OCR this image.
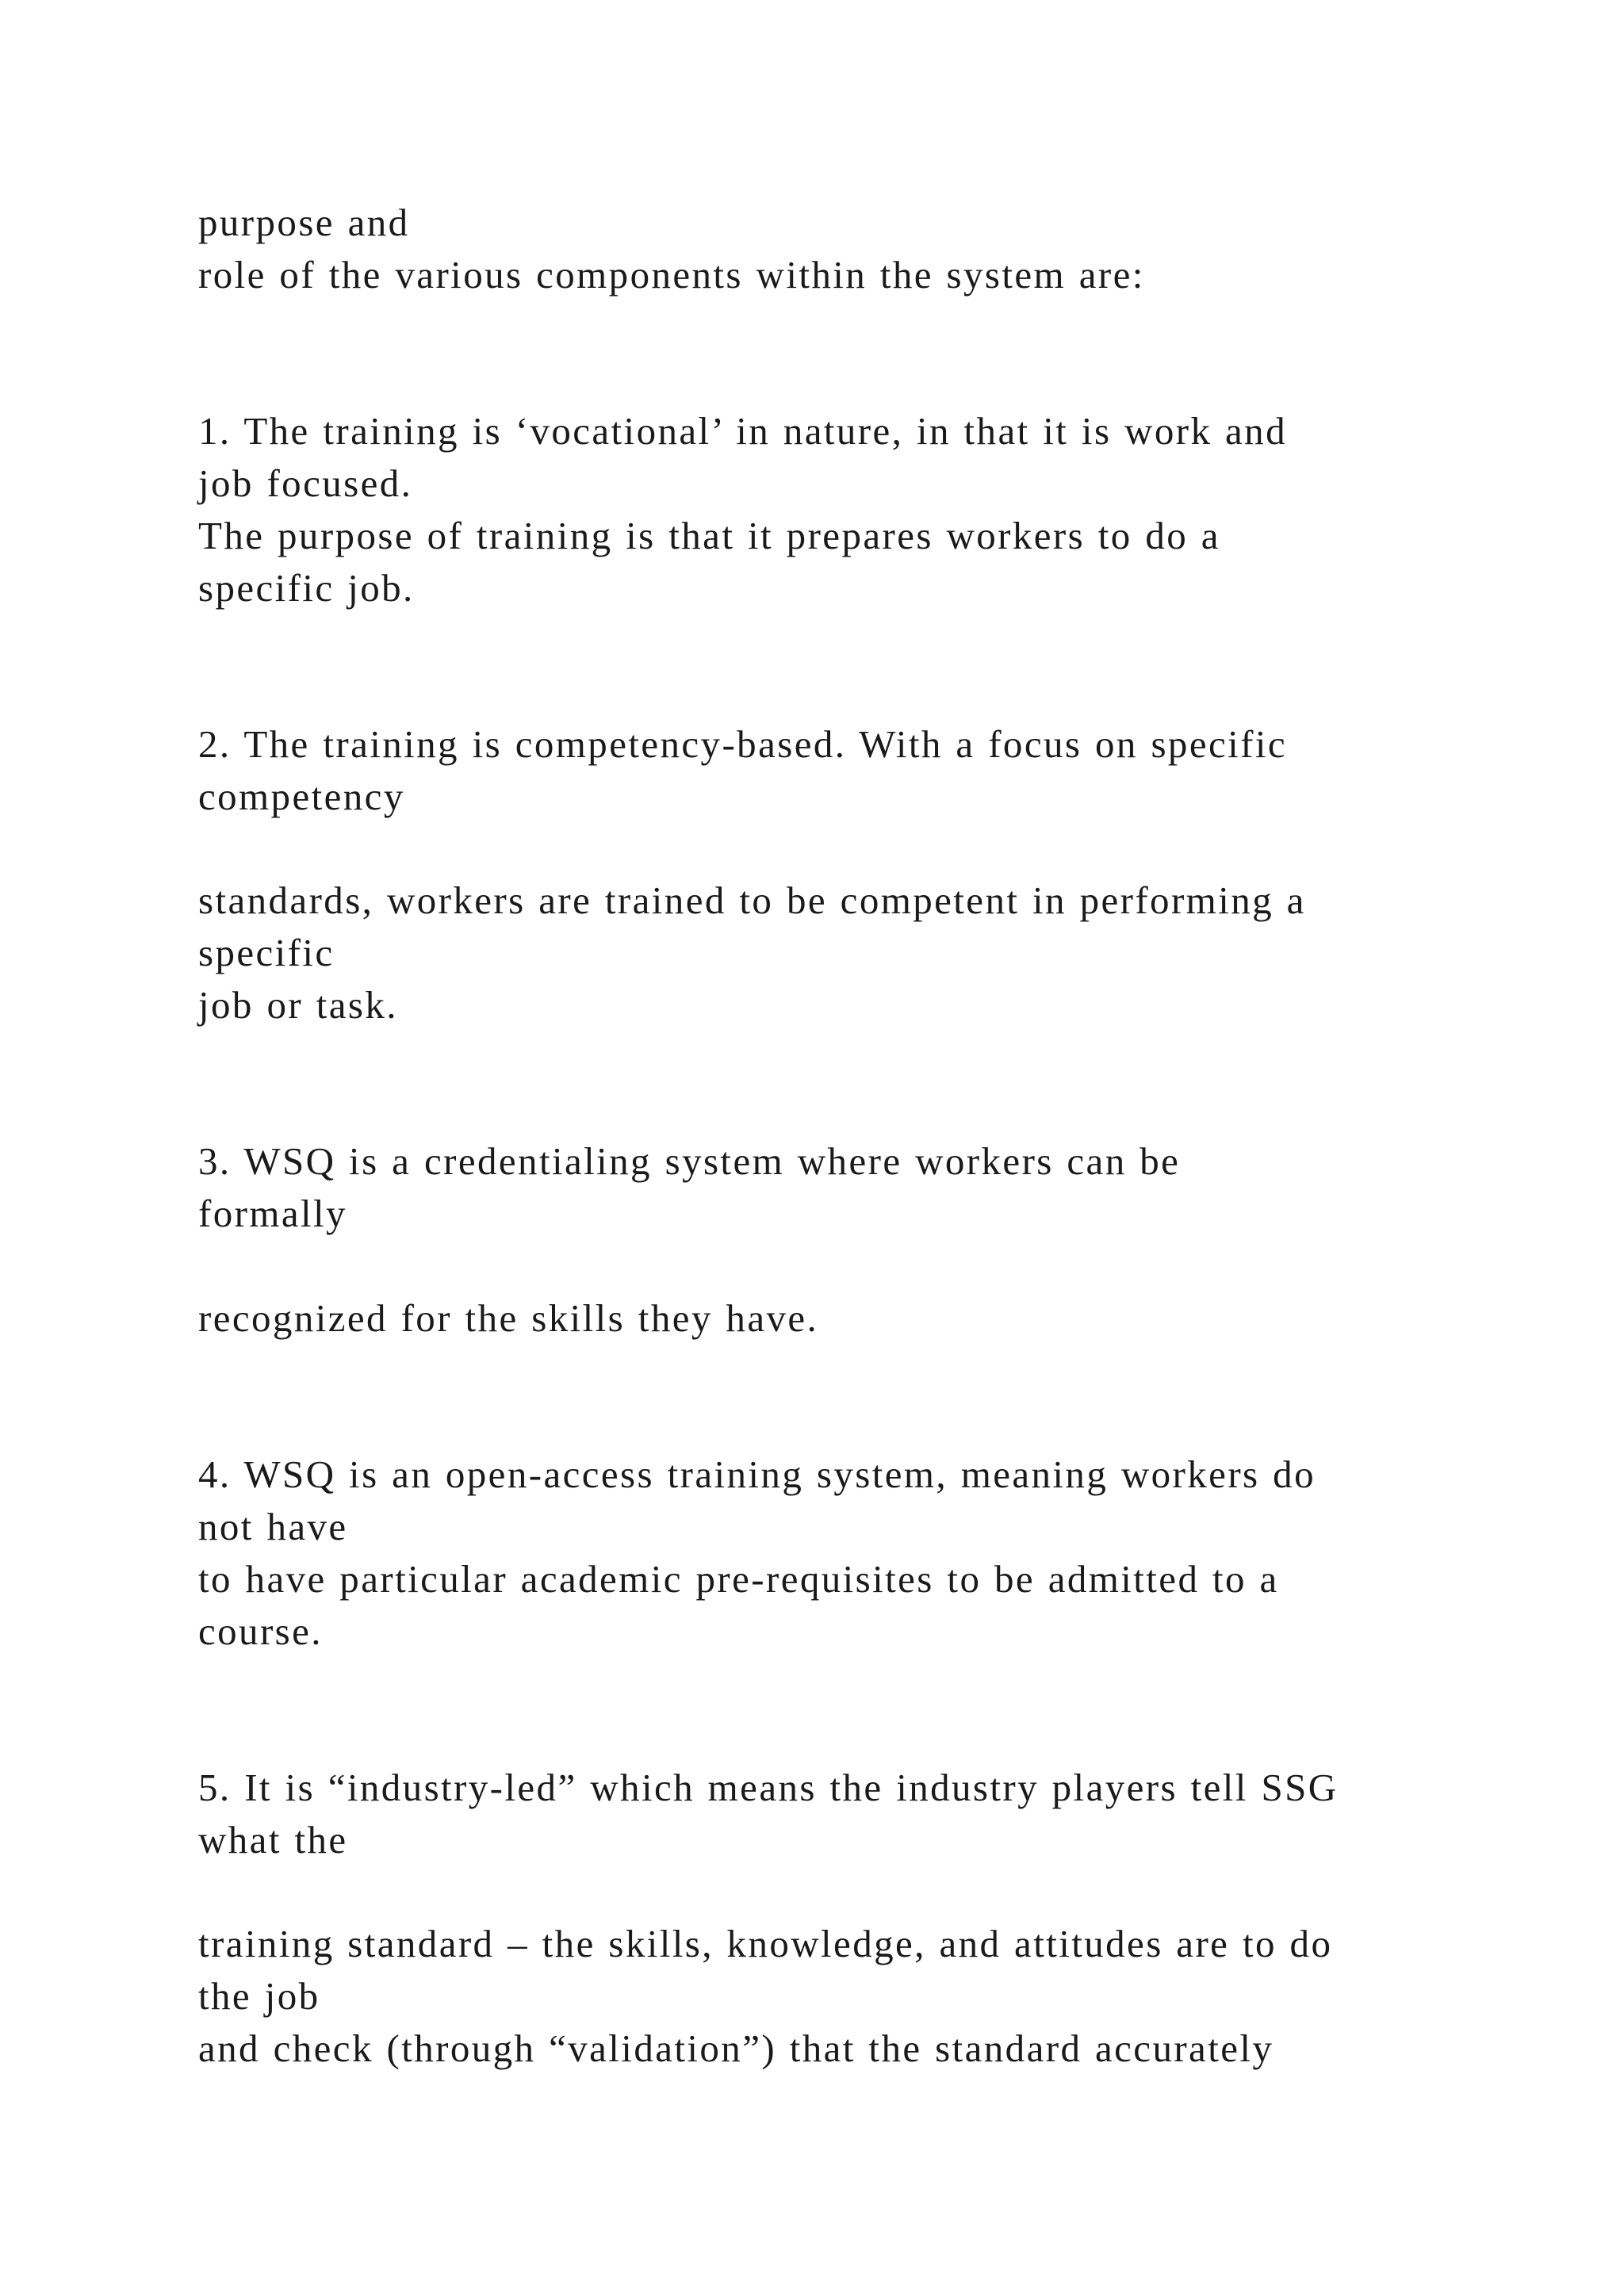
purpose and
role of the various components within the system are:
1. The training is ‘vocational’ in nature, in that it is work and
job focused.
The purpose of training is that it prepares workers to do a
specific job.
2. The training is competency-based. With a focus on specific
competency
standards, workers are trained to be competent in performing a
specific
job or task.
3. WSQ is a credentialing system where workers can be
formally
recognized for the skills they have.
4. WSQ is an open-access training system, meaning workers do
not have
to have particular academic pre-requisites to be admitted to a
course.
5. It is “industry-led” which means the industry players tell SSG
what the
training standard – the skills, knowledge, and attitudes are to do
the job
and check (through “validation”) that the standard accurately
